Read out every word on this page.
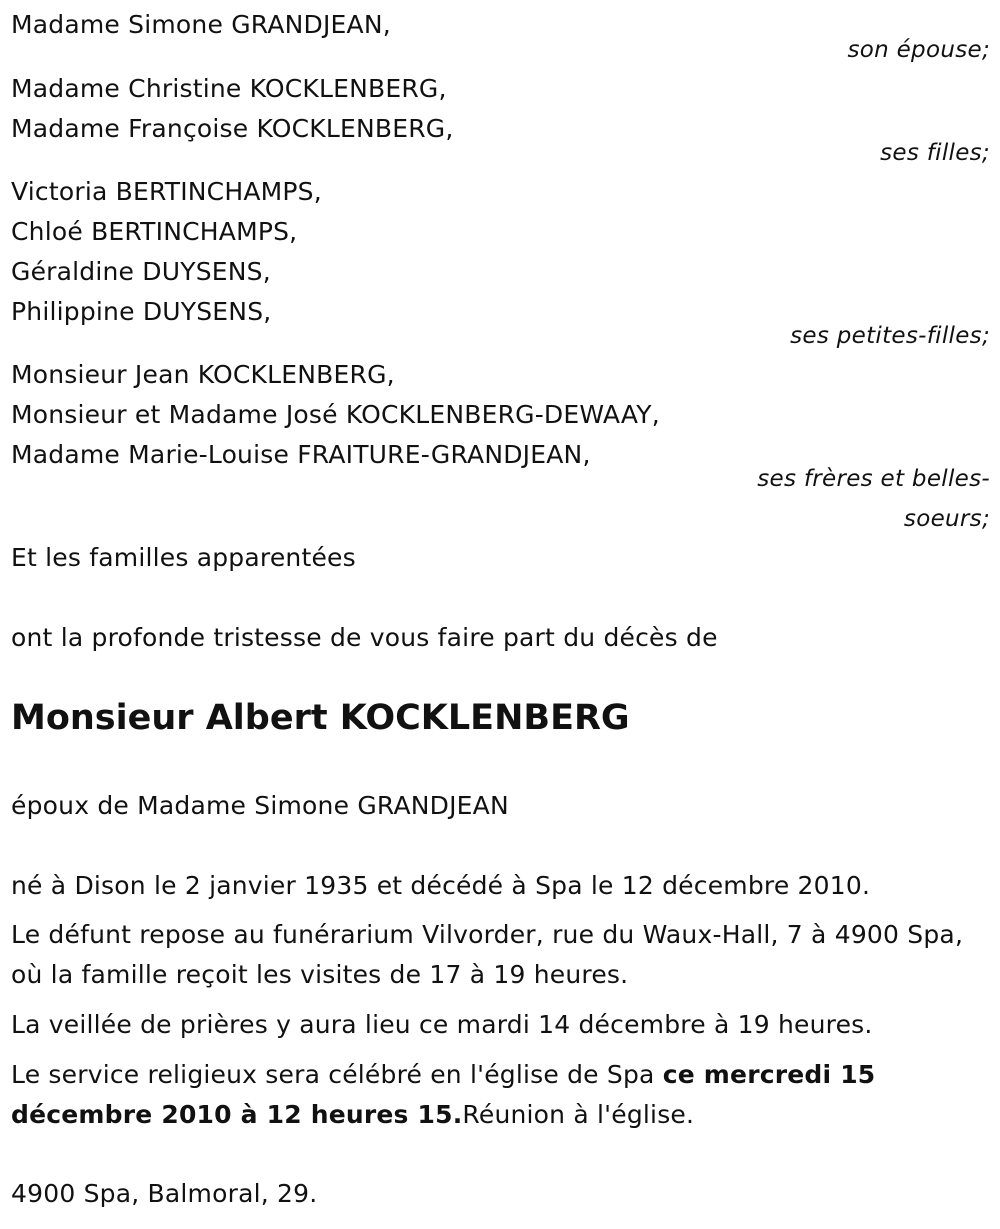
Madame Simone GRANDJEAN,
son épouse;
Madame Christine KOCKLENBERG,
Madame Françoise KOCKLENBERG,
ses filles;
Victoria BERTINCHAMPS,
Chloé BERTINCHAMPS,
Géraldine DUYSENS,
Philippine DUYSENS,
ses petites-filles;
Monsieur Jean KOCKLENBERG,
Monsieur et Madame José KOCKLENBERG-DEWAAY,
Madame Marie-Louise FRAITURE-GRANDJEAN,
ses frères et belles-
soeurs;
Et les familles apparentées
ont la profonde tristesse de vous faire part du décès de
Monsieur Albert KOCKLENBERG
époux de Madame Simone GRANDJEAN
né à Dison le 2 janvier 1935 et décédé à Spa le 12 décembre 2010.
Le défunt repose au funérarium Vilvorder, rue du Waux-Hall, 7 à 4900 Spa, où la famille reçoit les visites de 17 à 19 heures.
La veillée de prières y aura lieu ce mardi 14 décembre à 19 heures.
Le service religieux sera célébré en l'église de Spa ce mercredi 15 décembre 2010 à 12 heures 15.Réunion à l'église.
4900 Spa, Balmoral, 29.
